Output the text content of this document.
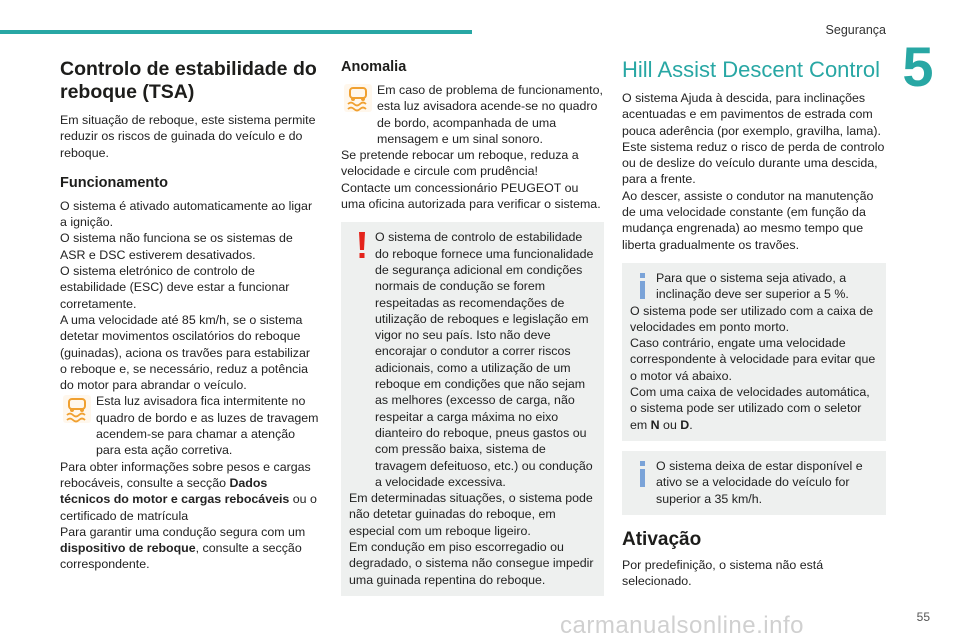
Segurança
5
Controlo de estabilidade do reboque (TSA)

Em situação de reboque, este sistema permite reduzir os riscos de guinada do veículo e do reboque.

Funcionamento

O sistema é ativado automaticamente ao ligar a ignição.

O sistema não funciona se os sistemas de ASR e DSC estiverem desativados.

O sistema eletrónico de controlo de estabilidade (ESC) deve estar a funcionar corretamente.

A uma velocidade até 85 km/h, se o sistema detetar movimentos oscilatórios do reboque (guinadas), aciona os travões para estabilizar o reboque e, se necessário, reduz a potência do motor para abrandar o veículo.

Esta luz avisadora fica intermitente no quadro de bordo e as luzes de travagem acendem-se para chamar a atenção para esta ação corretiva.

Para obter informações sobre pesos e cargas rebocáveis, consulte a secção Dados técnicos do motor e cargas rebocáveis ou o certificado de matrícula

Para garantir uma condução segura com um dispositivo de reboque, consulte a secção correspondente.

Anomalia

Em caso de problema de funcionamento, esta luz avisadora acende-se no quadro de bordo, acompanhada de uma mensagem e um sinal sonoro.

Se pretende rebocar um reboque, reduza a velocidade e circule com prudência!

Contacte um concessionário PEUGEOT ou uma oficina autorizada para verificar o sistema.

O sistema de controlo de estabilidade do reboque fornece uma funcionalidade de segurança adicional em condições normais de condução se forem respeitadas as recomendações de utilização de reboques e legislação em vigor no seu país. Isto não deve encorajar o condutor a correr riscos adicionais, como a utilização de um reboque em condições que não sejam as melhores (excesso de carga, não respeitar a carga máxima no eixo dianteiro do reboque, pneus gastos ou com pressão baixa, sistema de travagem defeituoso, etc.) ou condução a velocidade excessiva.

Em determinadas situações, o sistema pode não detetar guinadas do reboque, em especial com um reboque ligeiro.

Em condução em piso escorregadio ou degradado, o sistema não consegue impedir uma guinada repentina do reboque.

Hill Assist Descent Control

O sistema Ajuda à descida, para inclinações acentuadas e em pavimentos de estrada com pouca aderência (por exemplo, gravilha, lama).

Este sistema reduz o risco de perda de controlo ou de deslize do veículo durante uma descida, para a frente.

Ao descer, assiste o condutor na manutenção de uma velocidade constante (em função da mudança engrenada) ao mesmo tempo que liberta gradualmente os travões.

Para que o sistema seja ativado, a inclinação deve ser superior a 5 %.

O sistema pode ser utilizado com a caixa de velocidades em ponto morto.

Caso contrário, engate uma velocidade correspondente à velocidade para evitar que o motor vá abaixo.

Com uma caixa de velocidades automática, o sistema pode ser utilizado com o seletor em N ou D.

O sistema deixa de estar disponível e ativo se a velocidade do veículo for superior a 35 km/h.

Ativação

Por predefinição, o sistema não está selecionado.

carmanualsonline.info	55
